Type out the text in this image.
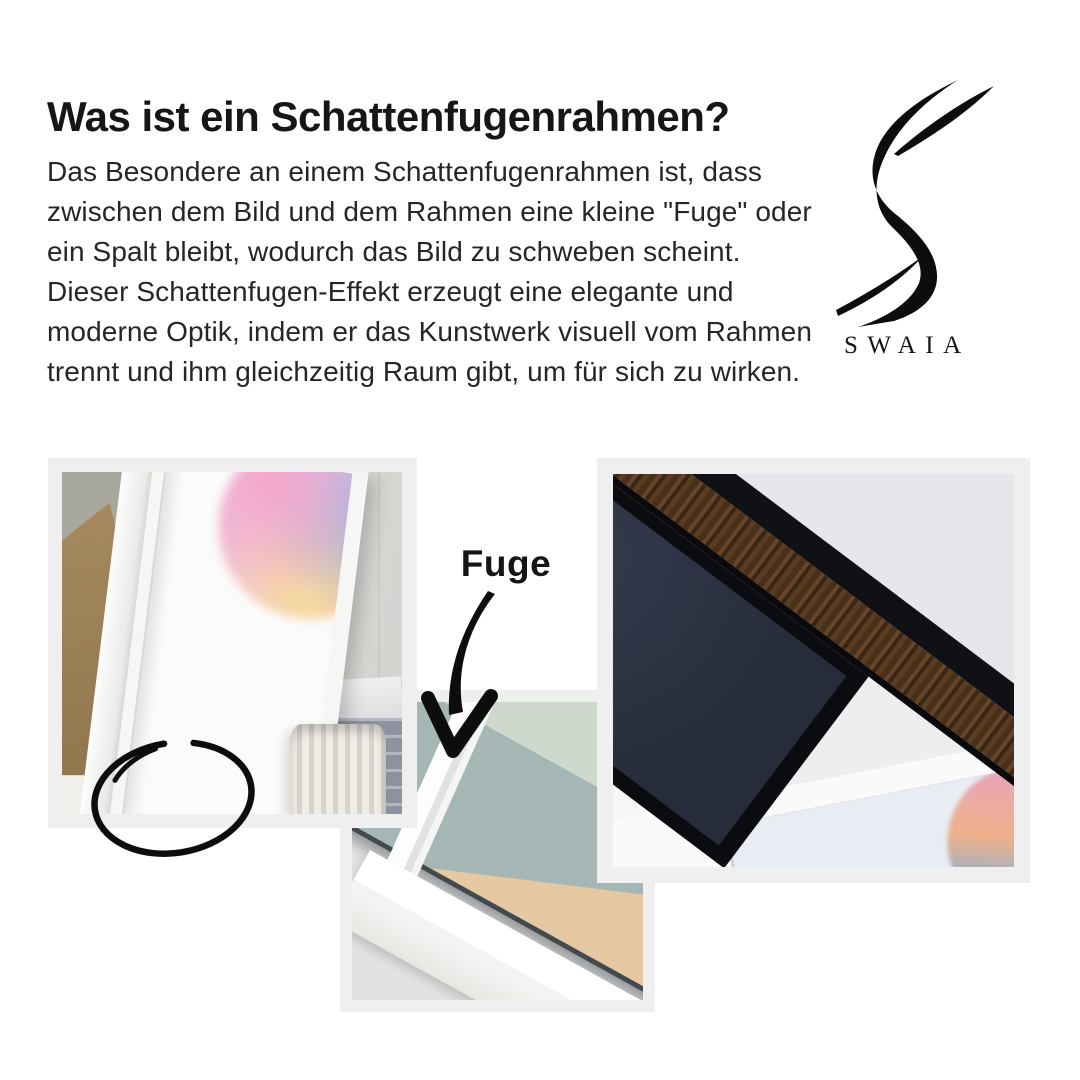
Was ist ein Schattenfugenrahmen?

Das Besondere an einem Schattenfugenrahmen ist, dass zwischen dem Bild und dem Rahmen eine kleine "Fuge" oder ein Spalt bleibt, wodurch das Bild zu schweben scheint. Dieser Schattenfugen-Effekt erzeugt eine elegante und moderne Optik, indem er das Kunstwerk visuell vom Rahmen trennt und ihm gleichzeitig Raum gibt, um für sich zu wirken.

SWAIA
Fuge
